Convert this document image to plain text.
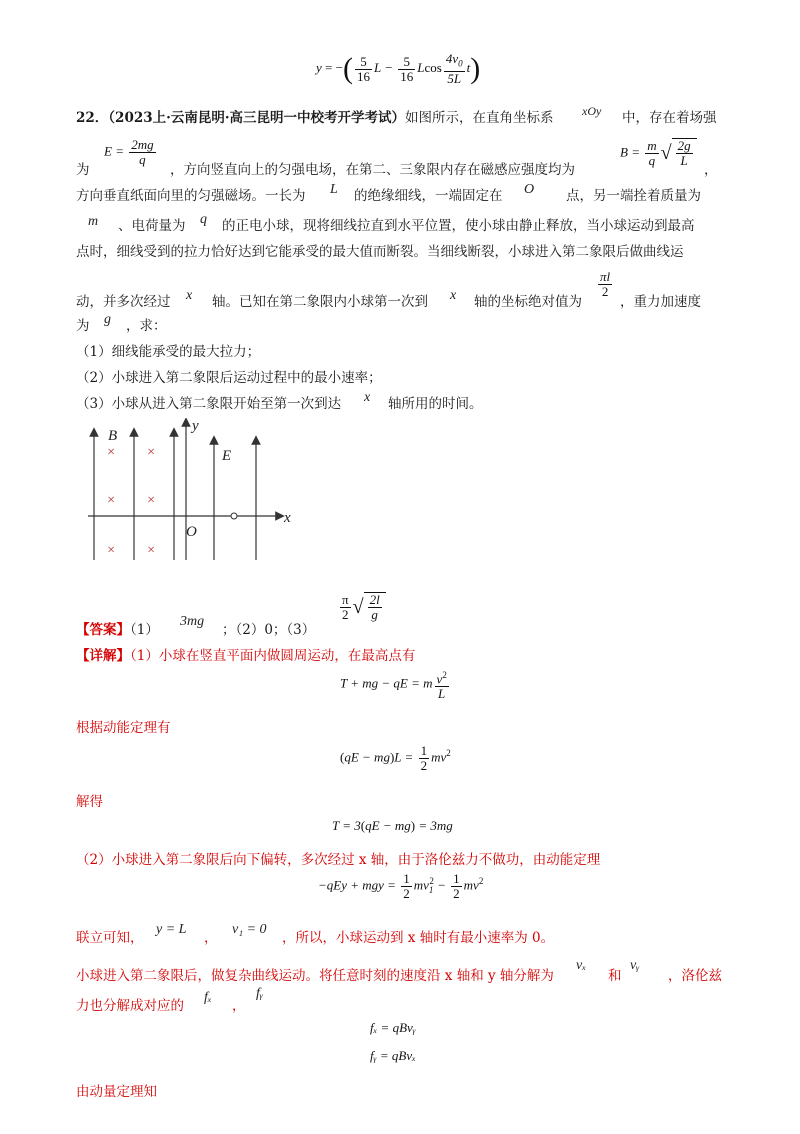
y = −( $\frac{5}{16}$ $L - \frac{5}{16}$ Lcos $\frac{4v_0}{5L} t$)
22．（2023上·云南昆明·高三昆明一中校考开学考试）如图所示，在直角坐标系 xOy 中，存在着场强
为
$E = \frac{2mg}{q}$
，方向竖直向上的匀强电场，在第二、三象限内存在磁感应强度均为
$B = \frac{m}{q}$ √ $\frac{2g}{L}$
，
方向垂直纸面向里的匀强磁场。一长为 L 的绝缘细线，一端固定在 O 点，另一端拴着质量为
m 、电荷量为 q 的正电小球，现将细线拉直到水平位置，使小球由静止释放，当小球运动到最高
点时，细线受到的拉力恰好达到它能承受的最大值而断裂。当细线断裂，小球进入第二象限后做曲线运
动，并多次经过 x 轴。已知在第二象限内小球第一次到 x 轴的坐标绝对值为
$\frac{\pi l}{2}$
，重力加速度
为 g ，求：
（1）细线能承受的最大拉力；
（2）小球进入第二象限后运动过程中的最小速率；
（3）小球从进入第二象限开始至第一次到达 x 轴所用的时间。
× ×
× ×
× ×
B
y
E
O
x
【答案】（1）
3mg
；（2）0；（3）
$\frac{\pi}{2}$ √ $\frac{2l}{g}$
【详解】（1）小球在竖直平面内做圆周运动，在最高点有
T + mg − qE = m $\frac{v^2}{L}$
根据动能定理有
$(qE - mg)L = \frac{1}{2} mv^2$
解得
T = 3(qE − mg) = 3mg
（2）小球进入第二象限后向下偏转，多次经过 x 轴，由于洛伦兹力不做功，由动能定理
−qEy + mgy = $\frac{1}{2} mv_1^2 - \frac{1}{2} mv^2$
联立可知，
y = L
，
v₁ = 0
，所以，小球运动到 x 轴时有最小速率为 0。
小球进入第二象限后，做复杂曲线运动。将任意时刻的速度沿 x 轴和 y 轴分解为
vₓ
和
vᵧ
，洛伦兹
力也分解成对应的
fₓ
，
fᵧ
fₓ = qBvᵧ
fᵧ = qBvₓ
由动量定理知
